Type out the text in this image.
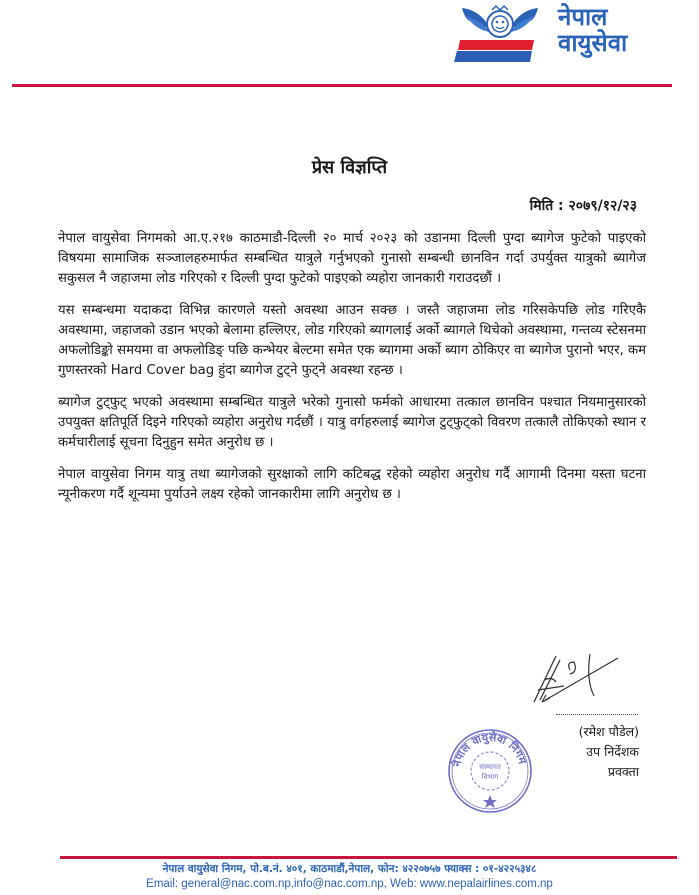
नेपाल
वायुसेवा
प्रेस विज्ञप्ति
मिति : २०७९/१२/२३

नेपाल वायुसेवा निगमको आ.ए.२१७ काठमाडौ-दिल्ली २० मार्च २०२३ को उडानमा दिल्ली पुग्दा ब्यागेज फुटेको पाइएको विषयमा सामाजिक सञ्जालहरुमार्फत सम्बन्धित यात्रुले गर्नुभएको गुनासो सम्बन्धी छानविन गर्दा उपर्युक्त यात्रुको ब्यागेज सकुसल नै जहाजमा लोड गरिएको र दिल्ली पुग्दा फुटेको पाइएको व्यहोरा जानकारी गराउदछौं ।

यस सम्बन्धमा यदाकदा विभिन्न कारणले यस्तो अवस्था आउन सक्छ । जस्तै जहाजमा लोड गरिसकेपछि लोड गरिएकै अवस्थामा, जहाजको उडान भएको बेलामा हल्लिएर, लोड गरिएको ब्यागलाई अर्को ब्यागले थिचेको अवस्थामा, गन्तव्य स्टेसनमा अफलोडिङ्को समयमा वा अफलोडिङ् पछि कन्भेयर बेल्टमा समेत एक ब्यागमा अर्को ब्याग ठोकिएर वा ब्यागेज पुरानो भएर, कम गुणस्तरको Hard Cover bag हुंदा ब्यागेज टुट्ने फुट्ने अवस्था रहन्छ ।

ब्यागेज टुट्फुट् भएको अवस्थामा सम्बन्धित यात्रुले भरेको गुनासो फर्मको आधारमा तत्काल छानविन पश्चात नियमानुसारको उपयुक्त क्षतिपूर्ति दिइने गरिएको व्यहोरा अनुरोध गर्दछौं । यात्रु वर्गहरुलाई ब्यागेज टुट्फुट्को विवरण तत्कालै तोकिएको स्थान र कर्मचारीलाई सूचना दिनुहुन समेत अनुरोध छ ।

नेपाल वायुसेवा निगम यात्रु तथा ब्यागेजको सुरक्षाको लागि कटिबद्ध रहेको व्यहोरा अनुरोध गर्दै आगामी दिनमा यस्ता घटना न्यूनीकरण गर्दै शून्यमा पुर्याउने लक्ष्य रहेको जानकारीमा लागि अनुरोध छ ।

(रमेश पौडेल)
उप निर्देशक
प्रवक्ता
नेपाल वायुसेवा निगम
संस्थागत
विभाग
नेपाल वायुसेवा निगम, पो.ब.नं. ४०१, काठमाडौं,नेपाल, फोन: ४२२०७५७ फ्याक्स : ०१-४२२५३४८
Email: general@nac.com.np,info@nac.com.np, Web: www.nepalairlines.com.np
